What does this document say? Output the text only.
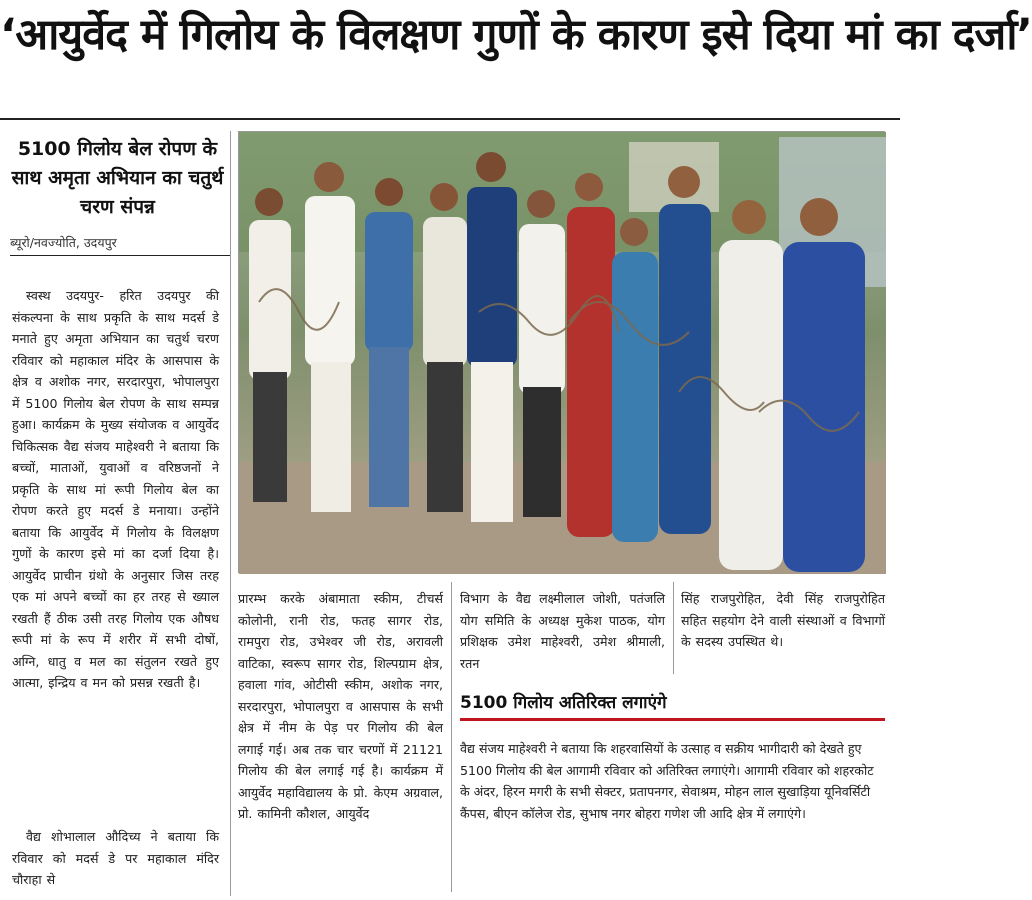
‘आयुर्वेद में गिलोय के विलक्षण गुणों के कारण इसे दिया मां का दर्जा’
5100 गिलोय बेल रोपण के साथ अमृता अभियान का चतुर्थ चरण संपन्न
ब्यूरो/नवज्योति, उदयपुर

स्वस्थ उदयपुर- हरित उदयपुर की संकल्पना के साथ प्रकृति के साथ मदर्स डे मनाते हुए अमृता अभियान का चतुर्थ चरण रविवार को महाकाल मंदिर के आसपास के क्षेत्र व अशोक नगर, सरदारपुरा, भोपालपुरा में 5100 गिलोय बेल रोपण के साथ सम्पन्न हुआ। कार्यक्रम के मुख्य संयोजक व आयुर्वेद चिकित्सक वैद्य संजय माहेश्वरी ने बताया कि बच्चों, माताओं, युवाओं व वरिष्ठजनों ने प्रकृति के साथ मां रूपी गिलोय बेल का रोपण करते हुए मदर्स डे मनाया। उन्होंने बताया कि आयुर्वेद में गिलोय के विलक्षण गुणों के कारण इसे मां का दर्जा दिया है। आयुर्वेद प्राचीन ग्रंथो के अनुसार जिस तरह एक मां अपने बच्चों का हर तरह से ख्याल रखती हैं ठीक उसी तरह गिलोय एक औषध रूपी मां के रूप में शरीर में सभी दोषों, अग्नि, धातु व मल का संतुलन रखते हुए आत्मा, इन्द्रिय व मन को प्रसन्न रखती है।

वैद्य शोभालाल औदिच्य ने बताया कि रविवार को मदर्स डे पर महाकाल मंदिर चौराहा से

प्रारम्भ करके अंबामाता स्कीम, टीचर्स कोलोनी, रानी रोड, फतह सागर रोड, रामपुरा रोड, उभेश्वर जी रोड, अरावली वाटिका, स्वरूप सागर रोड, शिल्पग्राम क्षेत्र, हवाला गांव, ओटीसी स्कीम, अशोक नगर, सरदारपुरा, भोपालपुरा व आसपास के सभी क्षेत्र में नीम के पेड़ पर गिलोय की बेल लगाई गई। अब तक चार चरणों में 21121 गिलोय की बेल लगाई गई है। कार्यक्रम में आयुर्वेद महाविद्यालय के प्रो. केएम अग्रवाल, प्रो. कामिनी कौशल, आयुर्वेद

विभाग के वैद्य लक्ष्मीलाल जोशी, पतंजलि योग समिति के अध्यक्ष मुकेश पाठक, योग प्रशिक्षक उमेश माहेश्वरी, उमेश श्रीमाली, रतन

सिंह राजपुरोहित, देवी सिंह राजपुरोहित सहित सहयोग देने वाली संस्थाओं व विभागों के सदस्य उपस्थित थे।

5100 गिलोय अतिरिक्त लगाएंगे

वैद्य संजय माहेश्वरी ने बताया कि शहरवासियों के उत्साह व सक्रीय भागीदारी को देखते हुए 5100 गिलोय की बेल आगामी रविवार को अतिरिक्त लगाएंगे। आगामी रविवार को शहरकोट के अंदर, हिरन मगरी के सभी सेक्टर, प्रतापनगर, सेवाश्रम, मोहन लाल सुखाड़िया यूनिवर्सिटी कैंपस, बीएन कॉलेज रोड, सुभाष नगर बोहरा गणेश जी आदि क्षेत्र में लगाएंगे।
